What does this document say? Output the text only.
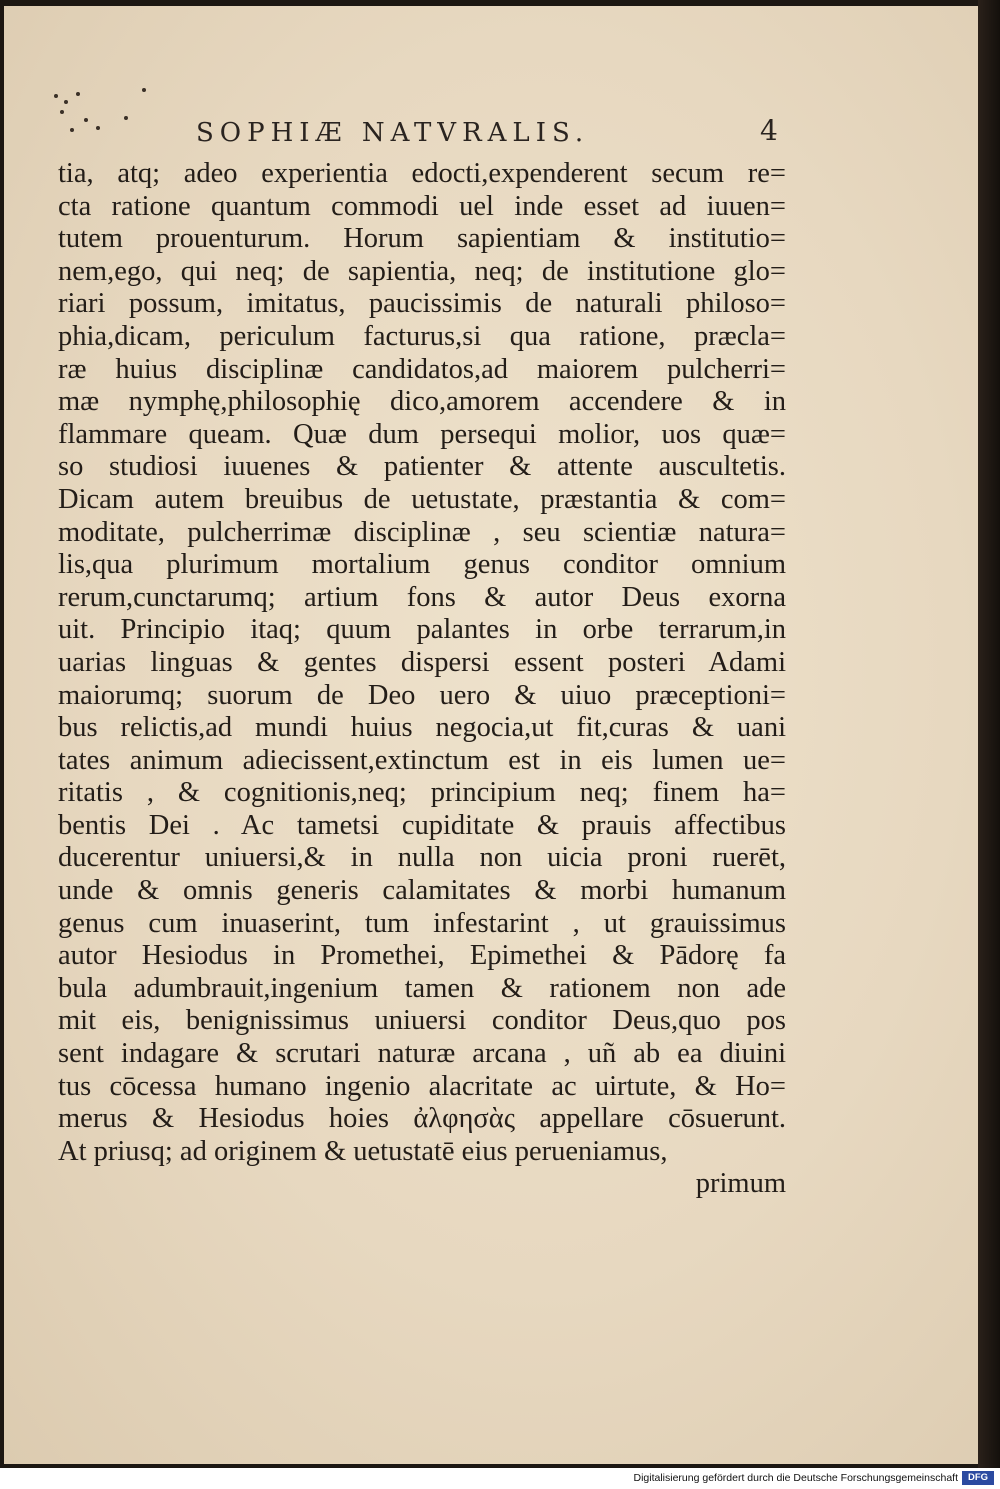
SOPHIÆ NATVRALIS.	4
tia, atq; adeo experientia edocti,expenderent secum re=
cta ratione quantum commodi uel inde esset ad iuuen=
tutem prouenturum. Horum sapientiam & institutio=
nem,ego, qui neq; de sapientia, neq; de institutione glo=
riari possum, imitatus, paucissimis de naturali philoso=
phia,dicam, periculum facturus,si qua ratione, præcla=
ræ huius disciplinæ candidatos,ad maiorem pulcherri=
mæ nymphę,philosophię dico,amorem accendere & in
flammare queam. Quæ dum persequi molior, uos quæ=
so studiosi iuuenes & patienter & attente auscultetis.
Dicam autem breuibus de uetustate, præstantia & com=
moditate, pulcherrimæ disciplinæ , seu scientiæ natura=
lis,qua plurimum mortalium genus conditor omnium
rerum,cunctarumq; artium fons & autor Deus exorna
uit. Principio itaq; quum palantes in orbe terrarum,in
uarias linguas & gentes dispersi essent posteri Adami
maiorumq; suorum de Deo uero & uiuo præceptioni=
bus relictis,ad mundi huius negocia,ut fit,curas & uani
tates animum adiecissent,extinctum est in eis lumen ue=
ritatis , & cognitionis,neq; principium neq; finem ha=
bentis Dei . Ac tametsi cupiditate & prauis affectibus
ducerentur uniuersi,& in nulla non uicia proni ruerēt,
unde & omnis generis calamitates & morbi humanum
genus cum inuaserint, tum infestarint , ut grauissimus
autor Hesiodus in Promethei, Epimethei & Pādorę fa
bula adumbrauit,ingenium tamen & rationem non ade
mit eis, benignissimus uniuersi conditor Deus,quo pos
sent indagare & scrutari naturæ arcana , uñ ab ea diuini
tus cōcessa humano ingenio alacritate ac uirtute, & Ho=
merus & Hesiodus hoies ἀλφησὰς appellare cōsuerunt.
At priusq; ad originem & uetustatē eius perueniamus,
primum
Digitalisierung gefördert durch die Deutsche Forschungsgemeinschaft	DFG
